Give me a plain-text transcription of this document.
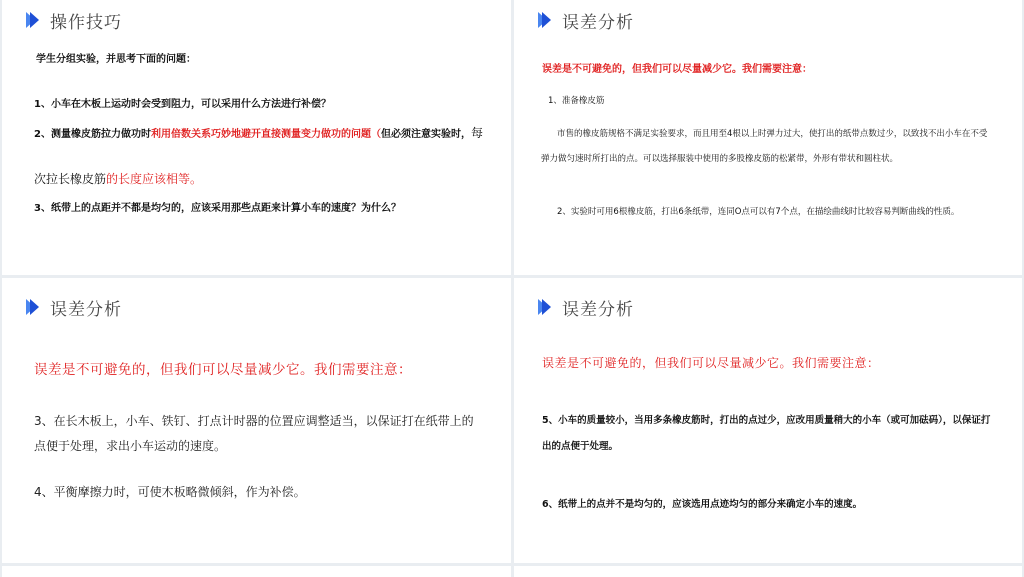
操作技巧

学生分组实验，并思考下面的问题：

1、小车在木板上运动时会受到阻力，可以采用什么方法进行补偿？

2、测量橡皮筋拉力做功时利用倍数关系巧妙地避开直接测量变力做功的问题（但必须注意实验时，每次拉长橡皮筋的长度应该相等。

3、纸带上的点距并不都是均匀的，应该采用那些点距来计算小车的速度？为什么？

误差分析

误差是不可避免的，但我们可以尽量减少它。我们需要注意：

1、准备橡皮筋

市售的橡皮筋规格不满足实验要求，而且用至4根以上时弹力过大，使打出的纸带点数过少，以致找不出小车在不受弹力做匀速时所打出的点。可以选择服装中使用的多股橡皮筋的松紧带，外形有带状和圆柱状。

2、实验时可用6根橡皮筋，打出6条纸带，连同O点可以有7个点，在描绘曲线时比较容易判断曲线的性质。

误差分析

误差是不可避免的，但我们可以尽量减少它。我们需要注意：

3、在长木板上，小车、铁钉、打点计时器的位置应调整适当，以保证打在纸带上的点便于处理，求出小车运动的速度。

4、平衡摩擦力时，可使木板略微倾斜，作为补偿。

误差分析

误差是不可避免的，但我们可以尽量减少它。我们需要注意：

5、小车的质量较小，当用多条橡皮筋时，打出的点过少，应改用质量稍大的小车（或可加砝码），以保证打出的点便于处理。

6、纸带上的点并不是均匀的，应该选用点迹均匀的部分来确定小车的速度。
